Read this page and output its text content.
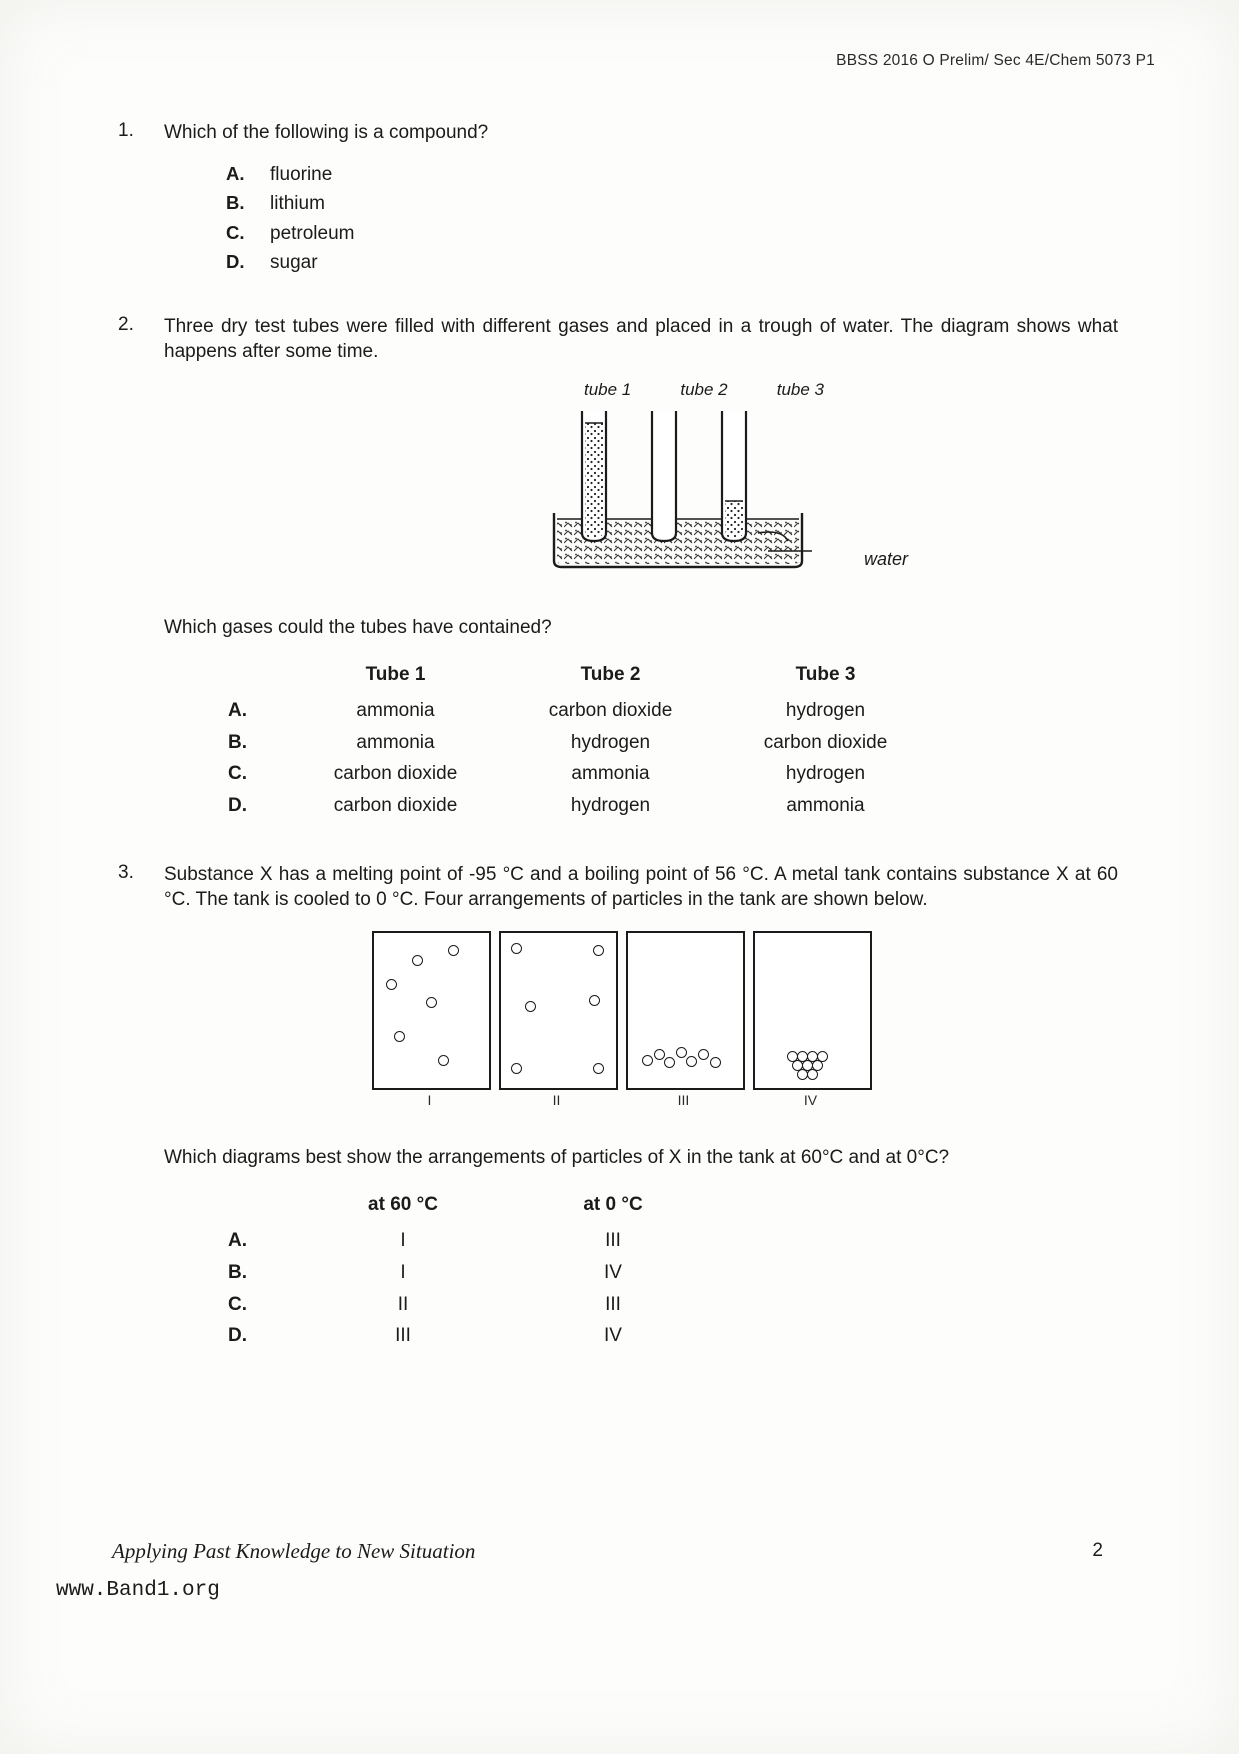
BBSS 2016 O Prelim/ Sec 4E/Chem 5073 P1
1.	Which of the following is a compound?

A.	fluorine
B.	lithium
C.	petroleum
D.	sugar
2.	Three dry test tubes were filled with different gases and placed in a trough of water. The diagram shows what happens after some time.

tube 1	tube 2	tube 3
water

Which gases could the tubes have contained?

	Tube 1	Tube 2	Tube 3
A.	ammonia	carbon dioxide	hydrogen
B.	ammonia	hydrogen	carbon dioxide
C.	carbon dioxide	ammonia	hydrogen
D.	carbon dioxide	hydrogen	ammonia
3.	Substance X has a melting point of -95 °C and a boiling point of 56 °C. A metal tank contains substance X at 60 °C. The tank is cooled to 0 °C. Four arrangements of particles in the tank are shown below.

I	II	III	IV

Which diagrams best show the arrangements of particles of X in the tank at 60°C and at 0°C?

	at 60 °C	at 0 °C
A.	I	III
B.	I	IV
C.	II	III
D.	III	IV
Applying Past Knowledge to New Situation	2
www.Band1.org
